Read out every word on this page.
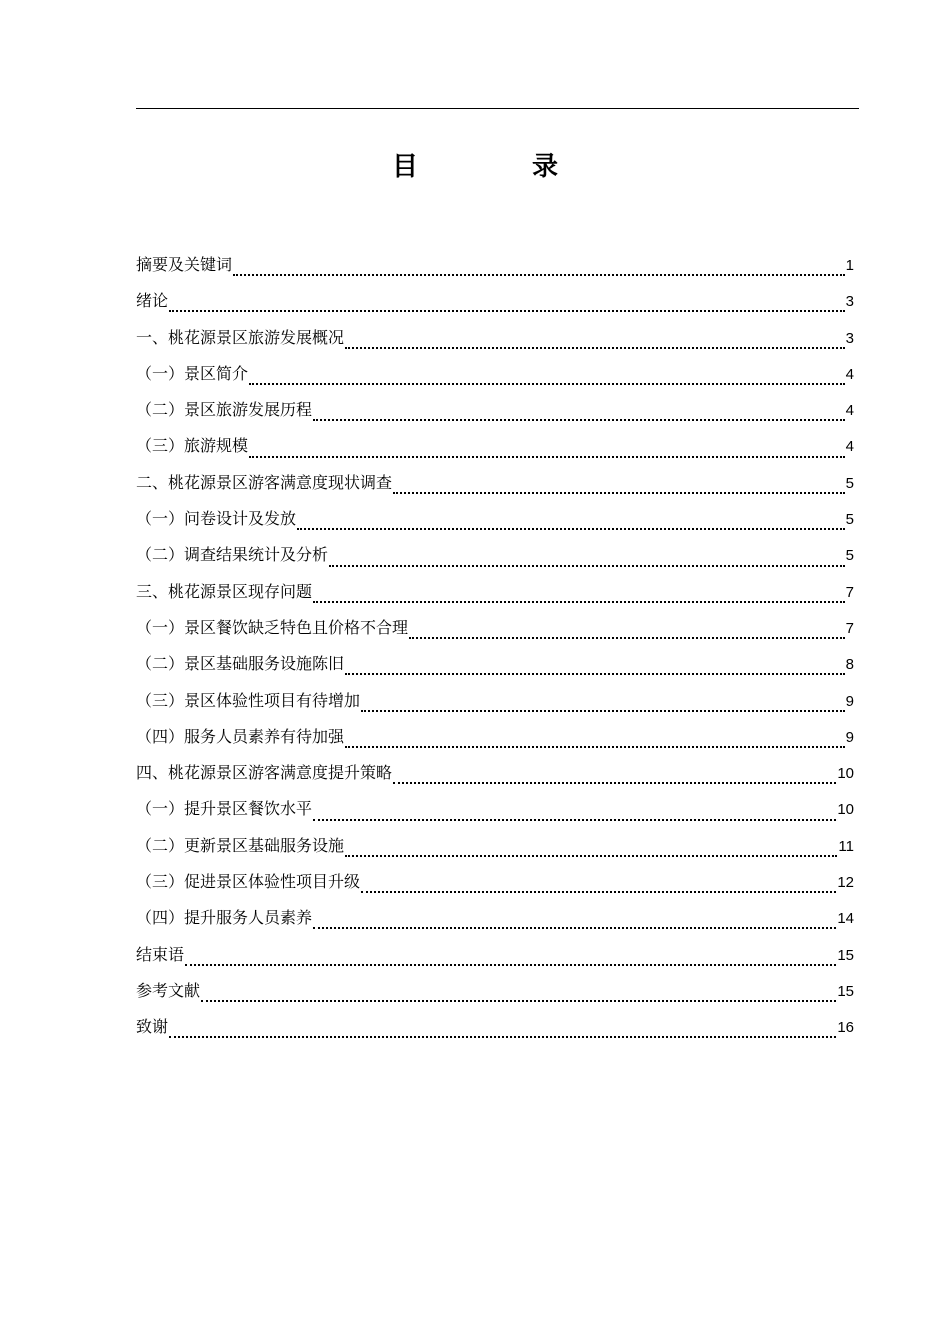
目　录
摘要及关键词	1
绪论	3
一、桃花源景区旅游发展概况	3
（一）景区简介	4
（二）景区旅游发展历程	4
（三）旅游规模	4
二、桃花源景区游客满意度现状调查	5
（一）问卷设计及发放	5
（二）调查结果统计及分析	5
三、桃花源景区现存问题	7
（一）景区餐饮缺乏特色且价格不合理	7
（二）景区基础服务设施陈旧	8
（三）景区体验性项目有待增加	9
（四）服务人员素养有待加强	9
四、桃花源景区游客满意度提升策略	10
（一）提升景区餐饮水平	10
（二）更新景区基础服务设施	11
（三）促进景区体验性项目升级	12
（四）提升服务人员素养	14
结束语	15
参考文献	15
致谢	16
